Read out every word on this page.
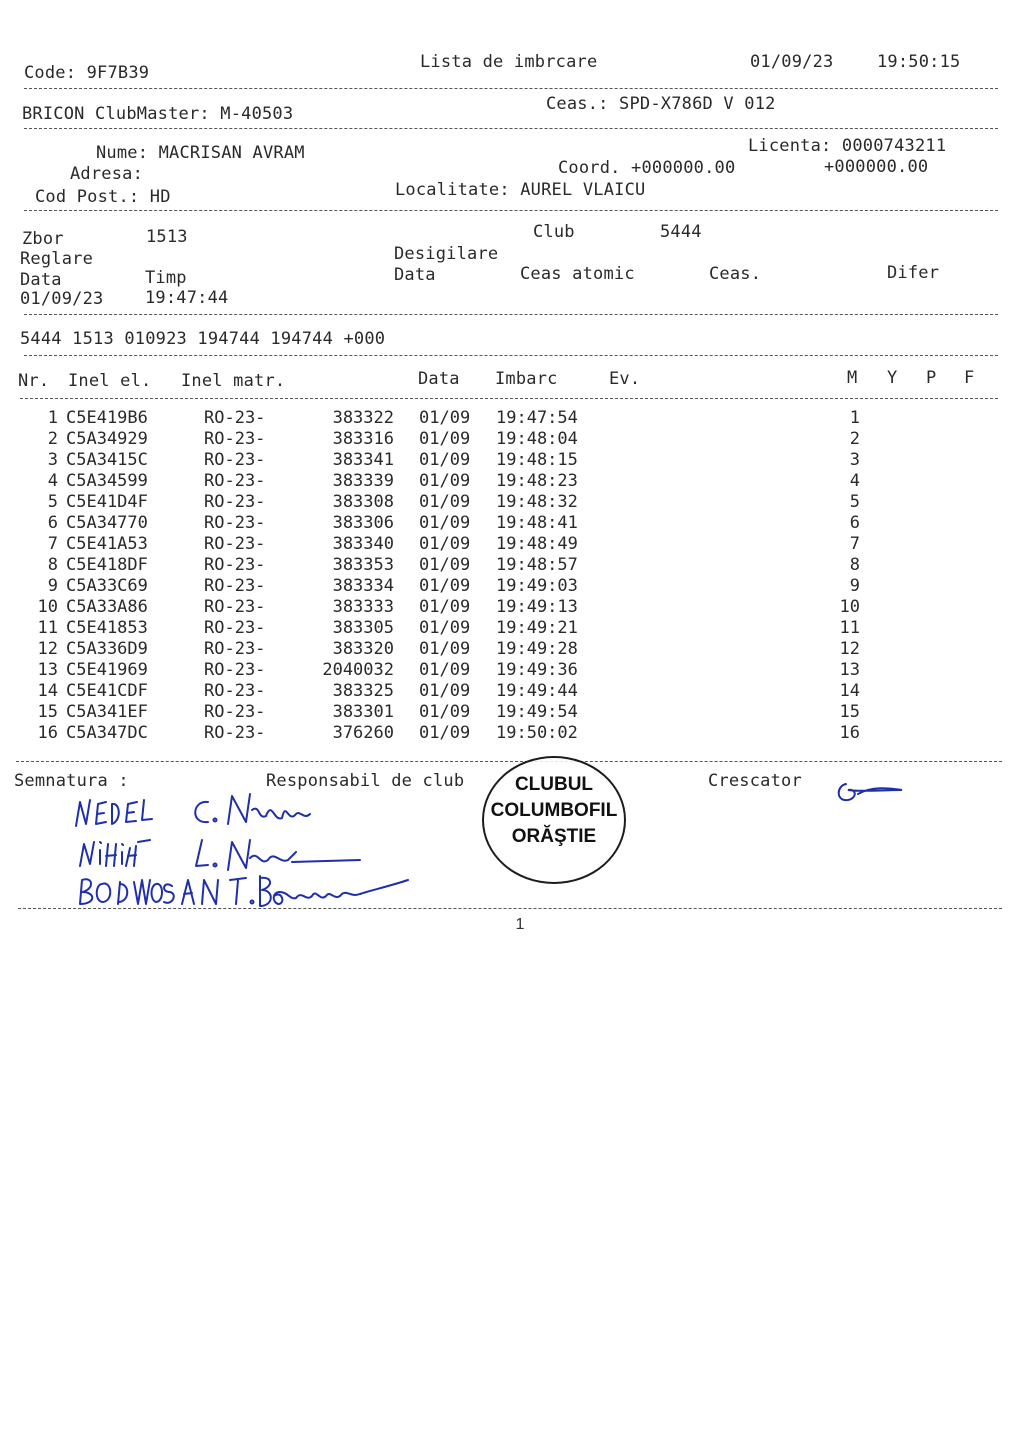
Code: 9F7B39
Lista de imbrcare	01/09/23	19:50:15
BRICON ClubMaster: M-40503	Ceas.: SPD-X786D V 012
Nume: MACRISAN AVRAM	Licenta: 0000743211
Adresa:	Coord. +000000.00	+000000.00
Cod Post.: HD	Localitate: AUREL VLAICU
Zbor	1513	Club	5444
Reglare	Desigilare
Data	Timp	Data	Ceas atomic	Ceas.	Difer
01/09/23 19:47:44
5444 1513 010923 194744 194744 +000
Nr. Inel el. Inel matr.	Data Imbarc	Ev.	M Y P F
1 C5E419B6	RO-23-	383322 01/09 19:47:54	1
2 C5A34929	RO-23-	383316 01/09 19:48:04	2
3 C5A3415C	RO-23-	383341 01/09 19:48:15	3
4 C5A34599	RO-23-	383339 01/09 19:48:23	4
5 C5E41D4F	RO-23-	383308 01/09 19:48:32	5
6 C5A34770	RO-23-	383306 01/09 19:48:41	6
7 C5E41A53	RO-23-	383340 01/09 19:48:49	7
8 C5E418DF	RO-23-	383353 01/09 19:48:57	8
9 C5A33C69	RO-23-	383334 01/09 19:49:03	9
10 C5A33A86	RO-23-	383333 01/09 19:49:13	10
11 C5E41853	RO-23-	383305 01/09 19:49:21	11
12 C5A336D9	RO-23-	383320 01/09 19:49:28	12
13 C5E41969	RO-23-	2040032 01/09 19:49:36	13
14 C5E41CDF	RO-23-	383325 01/09 19:49:44	14
15 C5A341EF	RO-23-	383301 01/09 19:49:54	15
16 C5A347DC	RO-23-	376260 01/09 19:50:02	16
Semnatura :	Responsabil de club	Crescator
CLUBUL
COLUMBOFIL
ORĂŞTIE
1
